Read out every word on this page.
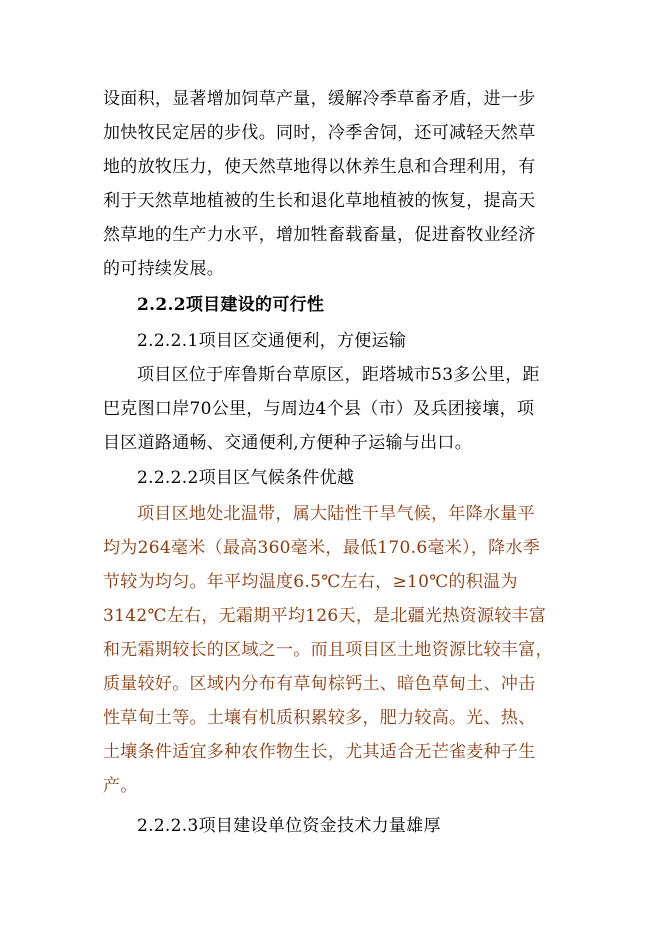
设面积，显著增加饲草产量，缓解冷季草畜矛盾，进一步
加快牧民定居的步伐。同时，冷季舍饲，还可减轻天然草
地的放牧压力，使天然草地得以休养生息和合理利用，有
利于天然草地植被的生长和退化草地植被的恢复，提高天
然草地的生产力水平，增加牲畜载畜量，促进畜牧业经济
的可持续发展。
2.2.2项目建设的可行性
2.2.2.1项目区交通便利，方便运输
项目区位于库鲁斯台草原区，距塔城市53多公里，距
巴克图口岸70公里，与周边4个县（市）及兵团接壤，项
目区道路通畅、交通便利,方便种子运输与出口。
2.2.2.2项目区气候条件优越
项目区地处北温带，属大陆性干旱气候，年降水量平
均为264毫米（最高360毫米，最低170.6毫米），降水季
节较为均匀。年平均温度6.5℃左右，≥10℃的积温为
3142℃左右，无霜期平均126天，是北疆光热资源较丰富
和无霜期较长的区域之一。而且项目区土地资源比较丰富，
质量较好。区域内分布有草甸棕钙土、暗色草甸土、冲击
性草甸土等。土壤有机质积累较多，肥力较高。光、热、
土壤条件适宜多种农作物生长，尤其适合无芒雀麦种子生
产。
2.2.2.3项目建设单位资金技术力量雄厚
